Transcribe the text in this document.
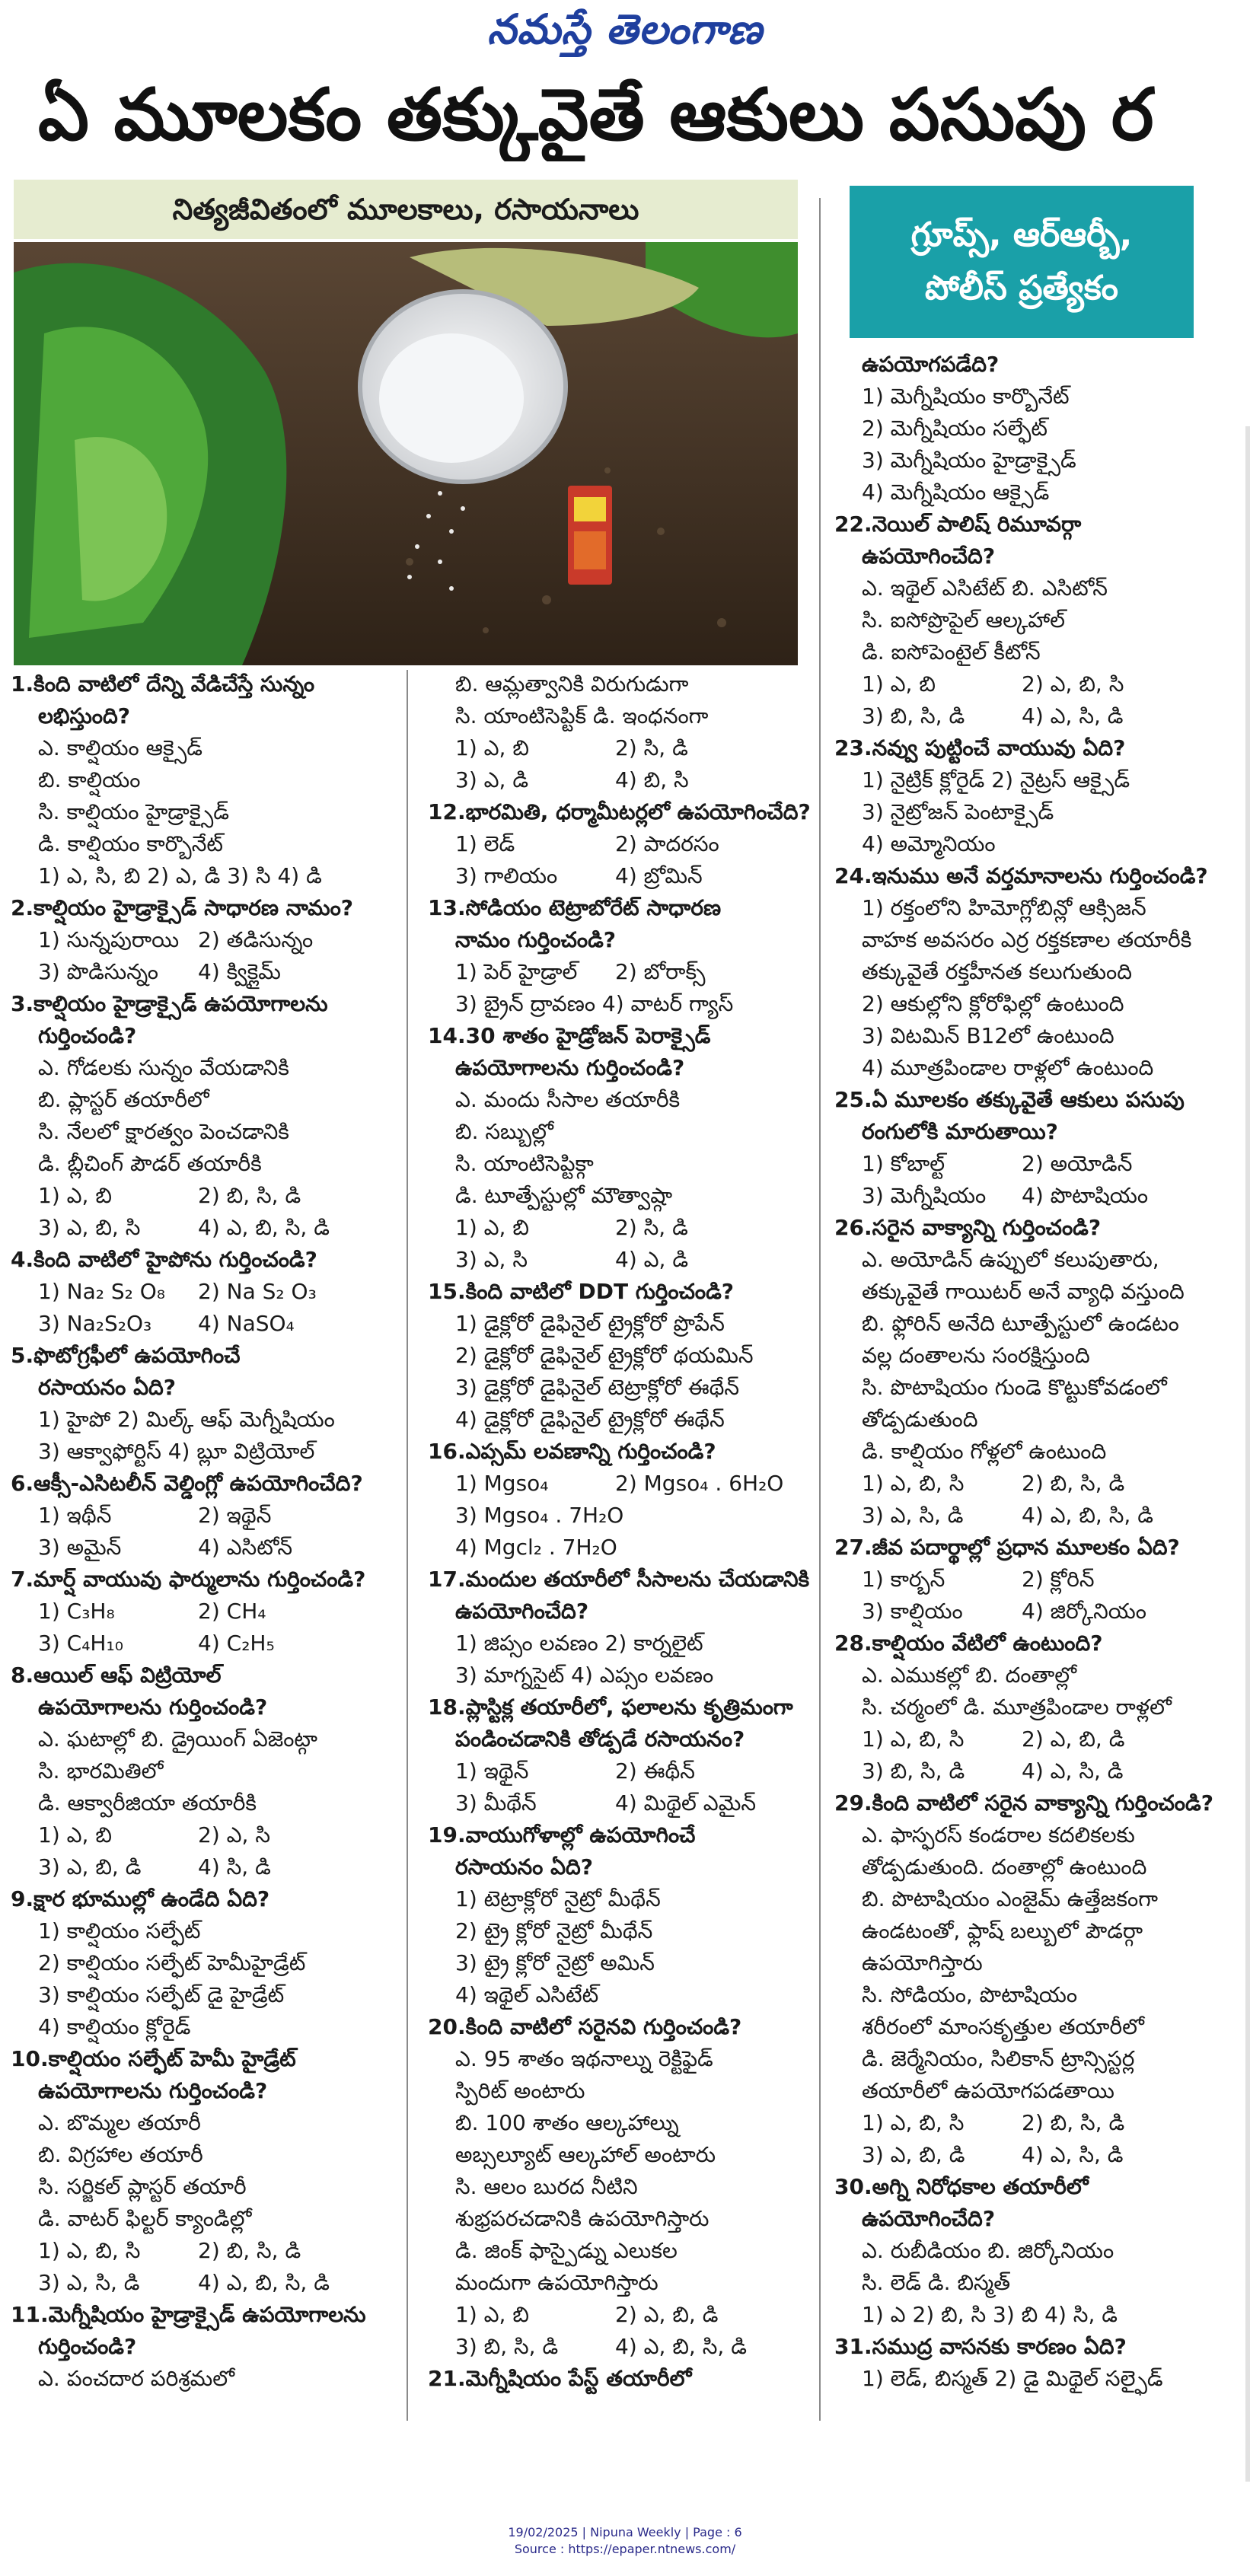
నమస్తే తెలంగాణ
ఏ మూలకం తక్కువైతే ఆకులు పసుపు ర
నిత్యజీవితంలో మూలకాలు, రసాయనాలు
గ్రూప్స్, ఆర్ఆర్బీ,
పోలీస్ ప్రత్యేకం
1.కింది వాటిలో దేన్ని వేడిచేస్తే సున్నం
లభిస్తుంది?
ఎ. కాల్షియం ఆక్సైడ్
బి. కాల్షియం
సి. కాల్షియం హైడ్రాక్సైడ్
డి. కాల్షియం కార్బొనేట్
1) ఎ, సి, బి 2) ఎ, డి 3) సి 4) డి
2.కాల్షియం హైడ్రాక్సైడ్ సాధారణ నామం?
1) సున్నపురాయి 2) తడిసున్నం
3) పొడిసున్నం	4) క్విక్లైమ్
3.కాల్షియం హైడ్రాక్సైడ్ ఉపయోగాలను
గుర్తించండి?
ఎ. గోడలకు సున్నం వేయడానికి
బి. ప్లాస్టర్ తయారీలో
సి. నేలలో క్షారత్వం పెంచడానికి
డి. బ్లీచింగ్ పౌడర్ తయారీకి
1) ఎ, బి	2) బి, సి, డి
3) ఎ, బి, సి	4) ఎ, బి, సి, డి
4.కింది వాటిలో హైపోను గుర్తించండి?
1) Na₂ S₂ O₈	2) Na S₂ O₃
3) Na₂S₂O₃	4) NaSO₄
5.ఫొటోగ్రఫీలో ఉపయోగించే
రసాయనం ఏది?
1) హైపో 2) మిల్క్ ఆఫ్ మెగ్నీషియం
3) ఆక్వాఫోర్టిస్ 4) బ్లూ విట్రియోల్
6.ఆక్సీ-ఎసిటలీన్ వెల్డింగ్లో ఉపయోగించేది?
1) ఇథీన్	2) ఇథైన్
3) అమైన్	4) ఎసిటోన్
7.మార్ష్ వాయువు ఫార్ములాను గుర్తించండి?
1) C₃H₈	2) CH₄
3) C₄H₁₀	4) C₂H₅
8.ఆయిల్ ఆఫ్ విట్రియోల్
ఉపయోగాలను గుర్తించండి?
ఎ. ఘటాల్లో బి. డ్రైయింగ్ ఏజెంట్గా
సి. భారమితిలో
డి. ఆక్వారీజియా తయారీకి
1) ఎ, బి	2) ఎ, సి
3) ఎ, బి, డి	4) సి, డి
9.క్షార భూముల్లో ఉండేది ఏది?
1) కాల్షియం సల్ఫేట్
2) కాల్షియం సల్ఫేట్ హెమీహైడ్రేట్
3) కాల్షియం సల్ఫేట్ డై హైడ్రేట్
4) కాల్షియం క్లోరైడ్
10.కాల్షియం సల్ఫేట్ హెమీ హైడ్రేట్
ఉపయోగాలను గుర్తించండి?
ఎ. బొమ్మల తయారీ
బి. విగ్రహాల తయారీ
సి. సర్జికల్ ప్లాస్టర్ తయారీ
డి. వాటర్ ఫిల్టర్ క్యాండిల్లో
1) ఎ, బి, సి	2) బి, సి, డి
3) ఎ, సి, డి	4) ఎ, బి, సి, డి
11.మెగ్నీషియం హైడ్రాక్సైడ్ ఉపయోగాలను
గుర్తించండి?
ఎ. పంచదార పరిశ్రమలో
బి. ఆమ్లత్వానికి విరుగుడుగా
సి. యాంటిసెప్టిక్ డి. ఇంధనంగా
1) ఎ, బి	2) సి, డి
3) ఎ, డి	4) బి, సి
12.భారమితి, ధర్మామీటర్లలో ఉపయోగించేది?
1) లెడ్	2) పాదరసం
3) గాలియం	4) బ్రోమిన్
13.సోడియం టెట్రాబోరేట్ సాధారణ
నామం గుర్తించండి?
1) పెర్ హైడ్రాల్	2) బోరాక్స్
3) బ్రైన్ ద్రావణం 4) వాటర్ గ్యాస్
14.30 శాతం హైడ్రోజన్ పెరాక్సైడ్
ఉపయోగాలను గుర్తించండి?
ఎ. మందు సీసాల తయారీకి
బి. సబ్బుల్లో
సి. యాంటిసెప్టిక్గా
డి. టూత్పేస్టుల్లో మౌత్వాష్గా
1) ఎ, బి	2) సి, డి
3) ఎ, సి	4) ఎ, డి
15.కింది వాటిలో DDT గుర్తించండి?
1) డైక్లోరో డైఫినైల్ ట్రైక్లోరో ప్రొపేన్
2) డైక్లోరో డైఫినైల్ ట్రైక్లోరో థయమిన్
3) డైక్లోరో డైఫినైల్ టెట్రాక్లోరో ఈథేన్
4) డైక్లోరో డైఫినైల్ ట్రైక్లోరో ఈథేన్
16.ఎప్సమ్ లవణాన్ని గుర్తించండి?
1) Mgso₄	2) Mgso₄ . 6H₂O
3) Mgso₄ . 7H₂O
4) Mgcl₂ . 7H₂O
17.మందుల తయారీలో సీసాలను చేయడానికి
ఉపయోగించేది?
1) జిప్సం లవణం 2) కార్నలైట్
3) మాగ్నసైట్ 4) ఎప్సం లవణం
18.ప్లాస్టిక్ల తయారీలో, ఫలాలను కృత్రిమంగా
పండించడానికి తోడ్పడే రసాయనం?
1) ఇథైన్	2) ఈథీన్
3) మీథేన్	4) మిథైల్ ఎమైన్
19.వాయుగోళాల్లో ఉపయోగించే
రసాయనం ఏది?
1) టెట్రాక్లోరో నైట్రో మీథేన్
2) ట్రై క్లోరో నైట్రో మీథేన్
3) ట్రై క్లోరో నైట్రో అమిన్
4) ఇథైల్ ఎసిటేట్
20.కింది వాటిలో సరైనవి గుర్తించండి?
ఎ. 95 శాతం ఇథనాల్ను రెక్టిఫైడ్
స్పిరిట్ అంటారు
బి. 100 శాతం ఆల్కహాల్ను
అబ్సల్యూట్ ఆల్కహాల్ అంటారు
సి. ఆలం బురద నీటిని
శుభ్రపరచడానికి ఉపయోగిస్తారు
డి. జింక్ ఫాస్పైడ్ను ఎలుకల
మందుగా ఉపయోగిస్తారు
1) ఎ, బి	2) ఎ, బి, డి
3) బి, సి, డి	4) ఎ, బి, సి, డి
21.మెగ్నీషియం పేస్ట్ తయారీలో
ఉపయోగపడేది?
1) మెగ్నీషియం కార్బొనేట్
2) మెగ్నీషియం సల్ఫేట్
3) మెగ్నీషియం హైడ్రాక్సైడ్
4) మెగ్నీషియం ఆక్సైడ్
22.నెయిల్ పాలిష్ రిమూవర్గా
ఉపయోగించేది?
ఎ. ఇథైల్ ఎసిటేట్ బి. ఎసిటోన్
సి. ఐసోప్రొపైల్ ఆల్కహాల్
డి. ఐసోపెంటైల్ కీటోన్
1) ఎ, బి	2) ఎ, బి, సి
3) బి, సి, డి	4) ఎ, సి, డి
23.నవ్వు పుట్టించే వాయువు ఏది?
1) నైట్రిక్ క్లోరైడ్ 2) నైట్రస్ ఆక్సైడ్
3) నైట్రోజన్ పెంటాక్సైడ్
4) అమ్మోనియం
24.ఇనుము అనే వర్తమానాలను గుర్తించండి?
1) రక్తంలోని హిమోగ్లోబిన్లో ఆక్సిజన్
వాహక అవసరం ఎర్ర రక్తకణాల తయారీకి
తక్కువైతే రక్తహీనత కలుగుతుంది
2) ఆకుల్లోని క్లోరోఫిల్లో ఉంటుంది
3) విటమిన్ B12లో ఉంటుంది
4) మూత్రపిండాల రాళ్లలో ఉంటుంది
25.ఏ మూలకం తక్కువైతే ఆకులు పసుపు
రంగులోకి మారుతాయి?
1) కోబాల్ట్	2) అయోడిన్
3) మెగ్నీషియం	4) పొటాషియం
26.సరైన వాక్యాన్ని గుర్తించండి?
ఎ. అయోడిన్ ఉప్పులో కలుపుతారు,
తక్కువైతే గాయిటర్ అనే వ్యాధి వస్తుంది
బి. ఫ్లోరిన్ అనేది టూత్పేస్టులో ఉండటం
వల్ల దంతాలను సంరక్షిస్తుంది
సి. పొటాషియం గుండె కొట్టుకోవడంలో
తోడ్పడుతుంది
డి. కాల్షియం గోళ్లలో ఉంటుంది
1) ఎ, బి, సి	2) బి, సి, డి
3) ఎ, సి, డి	4) ఎ, బి, సి, డి
27.జీవ పదార్థాల్లో ప్రధాన మూలకం ఏది?
1) కార్బన్	2) క్లోరిన్
3) కాల్షియం	4) జిర్కోనియం
28.కాల్షియం వేటిలో ఉంటుంది?
ఎ. ఎముకల్లో బి. దంతాల్లో
సి. చర్మంలో డి. మూత్రపిండాల రాళ్లలో
1) ఎ, బి, సి	2) ఎ, బి, డి
3) బి, సి, డి	4) ఎ, సి, డి
29.కింది వాటిలో సరైన వాక్యాన్ని గుర్తించండి?
ఎ. ఫాస్ఫరస్ కండరాల కదలికలకు
తోడ్పడుతుంది. దంతాల్లో ఉంటుంది
బి. పొటాషియం ఎంజైమ్ ఉత్తేజకంగా
ఉండటంతో, ఫ్లాష్ బల్బులో పౌడర్గా
ఉపయోగిస్తారు
సి. సోడియం, పొటాషియం
శరీరంలో మాంసకృత్తుల తయారీలో
డి. జెర్మేనియం, సిలికాన్ ట్రాన్సిస్టర్ల
తయారీలో ఉపయోగపడతాయి
1) ఎ, బి, సి	2) బి, సి, డి
3) ఎ, బి, డి	4) ఎ, సి, డి
30.అగ్ని నిరోధకాల తయారీలో
ఉపయోగించేది?
ఎ. రుబీడియం బి. జిర్కోనియం
సి. లెడ్ డి. బిస్మత్
1) ఎ 2) బి, సి 3) బి 4) సి, డి
31.సముద్ర వాసనకు కారణం ఏది?
1) లెడ్, బిస్మత్ 2) డై మిథైల్ సల్ఫైడ్
19/02/2025 | Nipuna Weekly | Page : 6
Source : https://epaper.ntnews.com/
